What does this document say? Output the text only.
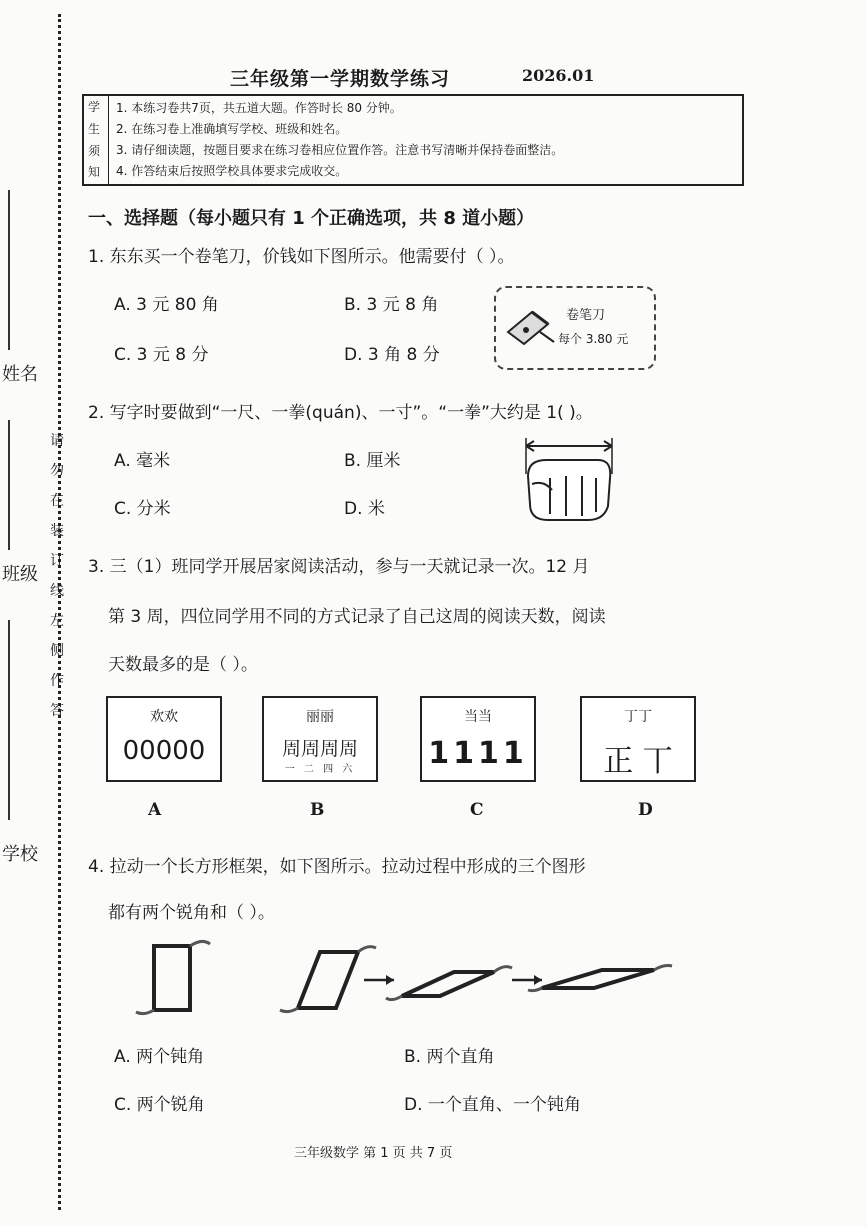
姓名
班级
学校
请
勿
在
装
订
线
左
侧
作
答
三年级第一学期数学练习	2026.01
学
生
须
知
1. 本练习卷共7页，共五道大题。作答时长 80 分钟。
2. 在练习卷上准确填写学校、班级和姓名。
3. 请仔细读题，按题目要求在练习卷相应位置作答。注意书写清晰并保持卷面整洁。
4. 作答结束后按照学校具体要求完成收交。
一、选择题（每小题只有 1 个正确选项，共 8 道小题）
1. 东东买一个卷笔刀，价钱如下图所示。他需要付（ ）。
A. 3 元 80 角	B. 3 元 8 角
C. 3 元 8 分	D. 3 角 8 分
卷笔刀
每个 3.80 元
2. 写字时要做到“一尺、一拳(quán)、一寸”。“一拳”大约是 1( )。
A. 毫米	B. 厘米
C. 分米	D. 米
3. 三（1）班同学开展居家阅读活动，参与一天就记录一次。12 月
第 3 周，四位同学用不同的方式记录了自己这周的阅读天数，阅读
天数最多的是（ ）。
欢欢
00000
丽丽
周周周周
一 二 四 六
当当
1111
丁丁
正 丅
A	B	C	D
4. 拉动一个长方形框架，如下图所示。拉动过程中形成的三个图形
都有两个锐角和（ ）。
A. 两个钝角	B. 两个直角
C. 两个锐角	D. 一个直角、一个钝角
三年级数学 第 1 页 共 7 页
